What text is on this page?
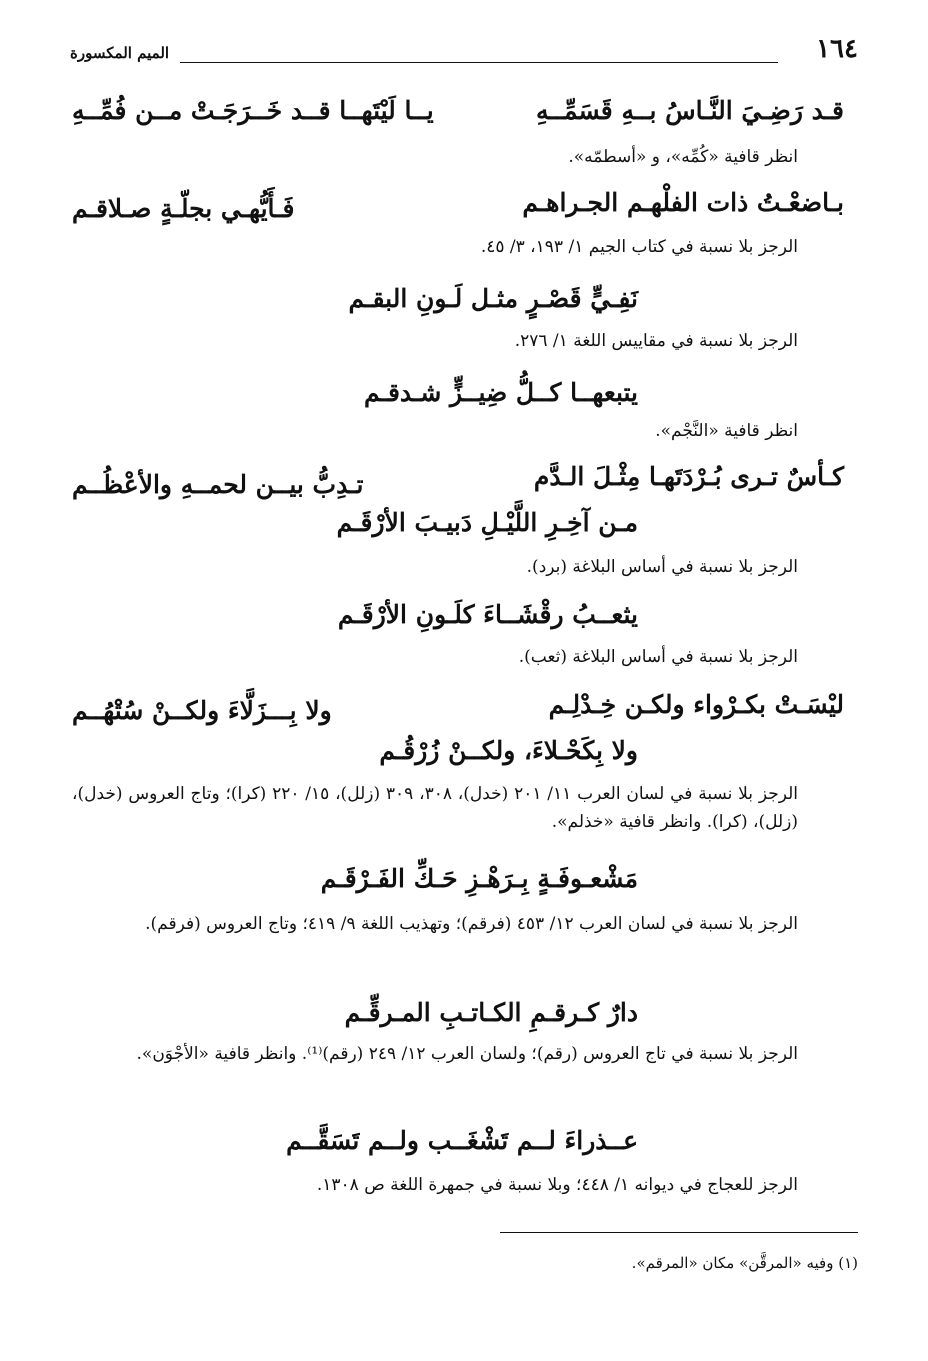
١٦٤
الميم المكسورة
قـد رَضِـيَ النَّـاسُ بــهِ قَسَمِّــهِ
يــا لَيْتَهــا قــد خَــرَجَـتْ مــن فُمِّــهِ
انظر قافية «كُمِّه»، و «أسطمّه».
بـاضعْـتُ ذات الفلْهـم الجـراهـم
فَـأَيُّهـي بجلّـةٍ صـلاقـم
الرجز بلا نسبة في كتاب الجيم ١/ ١٩٣، ٣/ ٤٥.
نَفِـيٍّ قَصْـرٍ مثـل لَـونِ البقـم
الرجز بلا نسبة في مقاييس اللغة ١/ ٢٧٦.
يتبعهــا كــلُّ ضِيــزٍّ شـدقـم
انظر قافية «النَّجْم».
كـأسٌ تـرى بُـرْدَتَهـا مِثْـلَ الـدَّم
تـدِبُّ بيــن لحمــهِ والأعْظُــم
مـن آخِـرِ اللَّيْـلِ دَبيـبَ الأرْقَـم
الرجز بلا نسبة في أساس البلاغة (برد).
يثعــبُ رقْشَــاءَ كلَـونِ الأرْقَـم
الرجز بلا نسبة في أساس البلاغة (ثعب).
ليْسَـتْ بكـرْواء ولكـن خِـدْلِـم
ولا بِـــزَلَّاءَ ولكــنْ سُتْهُــم
ولا بِكَحْـلاءَ، ولكــنْ زُرْقُـم
الرجز بلا نسبة في لسان العرب ١١/ ٢٠١ (خدل)، ٣٠٨، ٣٠٩ (زلل)، ١٥/ ٢٢٠ (كرا)؛ وتاج العروس (خدل)، (زلل)، (كرا). وانظر قافية «خذلم».
مَشْعـوفَـةٍ بِـرَهْـزِ حَـكِّ الفَـرْقَـم
الرجز بلا نسبة في لسان العرب ١٢/ ٤٥٣ (فرقم)؛ وتهذيب اللغة ٩/ ٤١٩؛ وتاج العروس (فرقم).
دارٌ كـرقـمِ الكـاتـبِ المـرقِّـم
الرجز بلا نسبة في تاج العروس (رقم)؛ ولسان العرب ١٢/ ٢٤٩ (رقم)⁽¹⁾. وانظر قافية «الأجْوَن».
عــذراءَ لــم تَشْغَــب ولــم تَسَقَّــم
الرجز للعجاج في ديوانه ١/ ٤٤٨؛ وبلا نسبة في جمهرة اللغة ص ١٣٠٨.
(١) وفيه «المرقَّن» مكان «المرقم».
